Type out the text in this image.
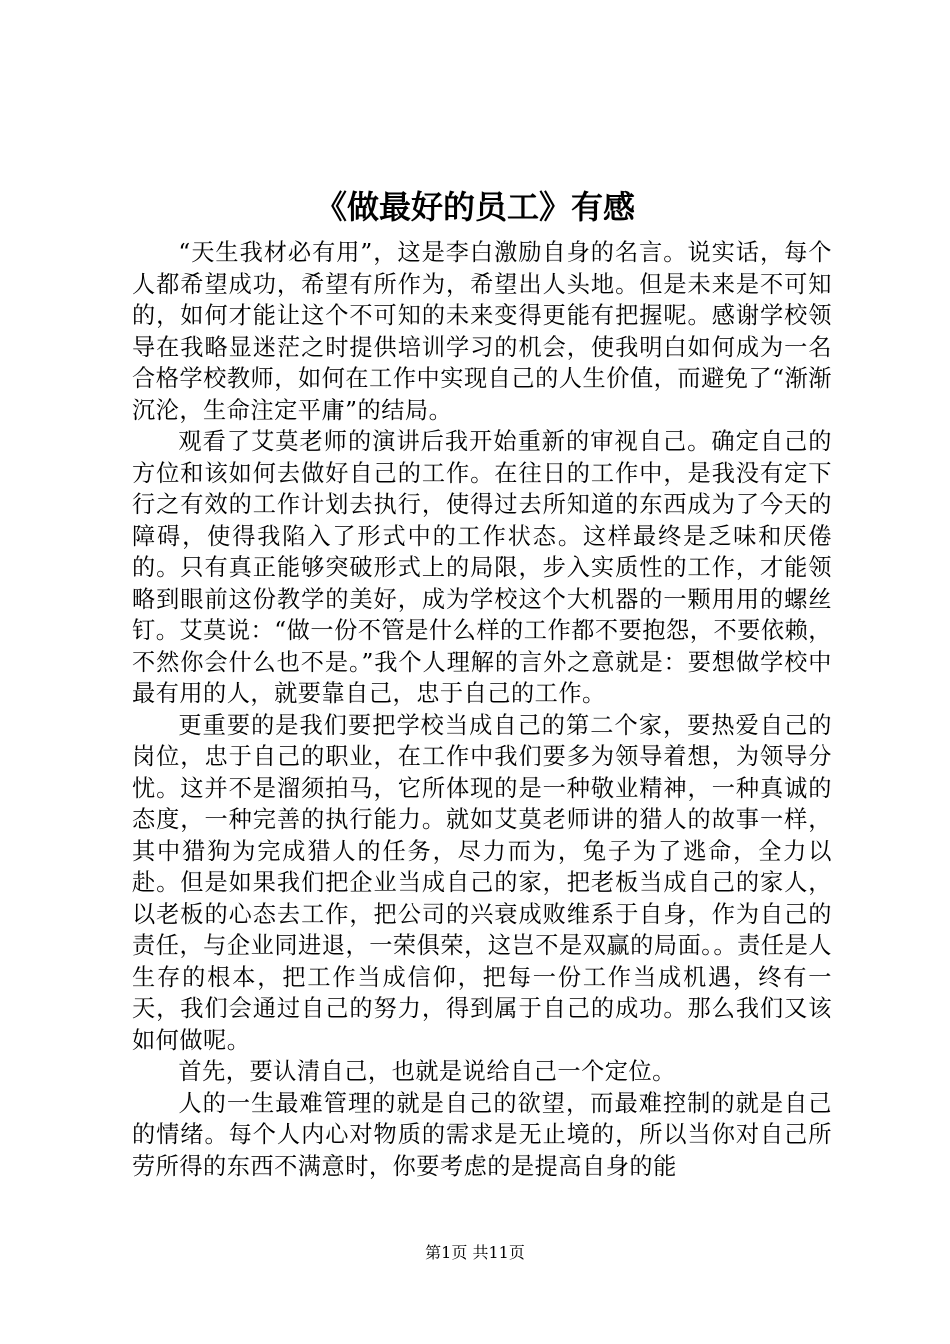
《做最好的员工》有感

“天生我材必有用”，这是李白激励自身的名言。说实话，每个人都希望成功，希望有所作为，希望出人头地。但是未来是不可知的，如何才能让这个不可知的未来变得更能有把握呢。感谢学校领导在我略显迷茫之时提供培训学习的机会，使我明白如何成为一名合格学校教师，如何在工作中实现自己的人生价值，而避免了“渐渐沉沦，生命注定平庸”的结局。

观看了艾莫老师的演讲后我开始重新的审视自己。确定自己的方位和该如何去做好自己的工作。在往日的工作中，是我没有定下行之有效的工作计划去执行，使得过去所知道的东西成为了今天的障碍，使得我陷入了形式中的工作状态。这样最终是乏味和厌倦的。只有真正能够突破形式上的局限，步入实质性的工作，才能领略到眼前这份教学的美好，成为学校这个大机器的一颗用用的螺丝钉。艾莫说：“做一份不管是什么样的工作都不要抱怨，不要依赖，不然你会什么也不是。”我个人理解的言外之意就是：要想做学校中最有用的人，就要靠自己，忠于自己的工作。

更重要的是我们要把学校当成自己的第二个家，要热爱自己的岗位，忠于自己的职业，在工作中我们要多为领导着想，为领导分忧。这并不是溜须拍马，它所体现的是一种敬业精神，一种真诚的态度，一种完善的执行能力。就如艾莫老师讲的猎人的故事一样，其中猎狗为完成猎人的任务，尽力而为，兔子为了逃命，全力以赴。但是如果我们把企业当成自己的家，把老板当成自己的家人，以老板的心态去工作，把公司的兴衰成败维系于自身，作为自己的责任，与企业同进退，一荣俱荣，这岂不是双赢的局面。。责任是人生存的根本，把工作当成信仰，把每一份工作当成机遇，终有一天，我们会通过自己的努力，得到属于自己的成功。那么我们又该如何做呢。

首先，要认清自己，也就是说给自己一个定位。

人的一生最难管理的就是自己的欲望，而最难控制的就是自己的情绪。每个人内心对物质的需求是无止境的，所以当你对自己所劳所得的东西不满意时，你要考虑的是提高自身的能

第1页 共11页
